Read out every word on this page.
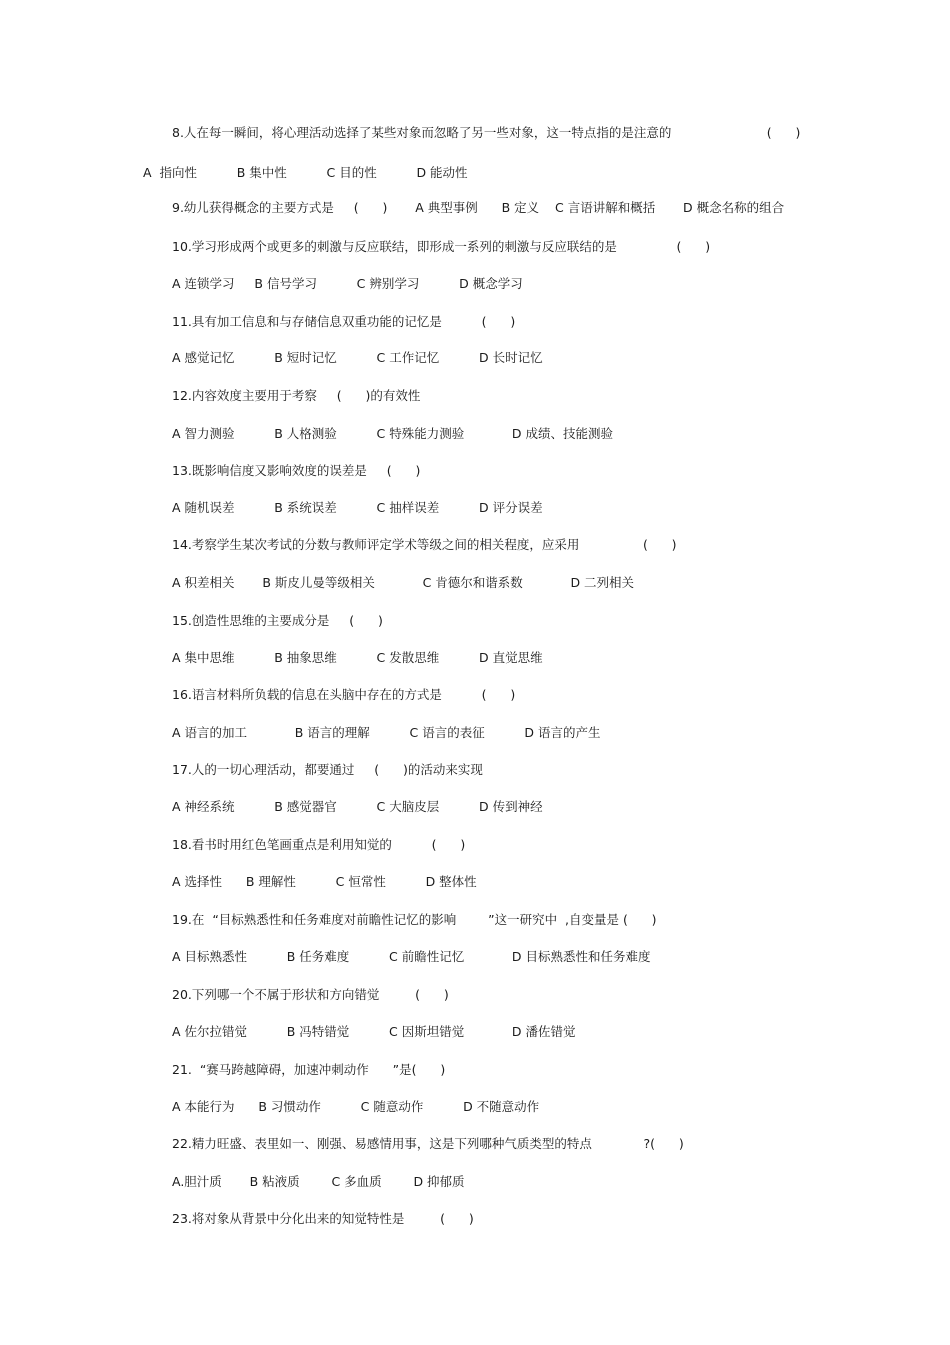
8.人在每一瞬间，将心理活动选择了某些对象而忽略了另一些对象，这一特点指的是注意的                        (      )
A  指向性          B 集中性          C 目的性          D 能动性
9.幼儿获得概念的主要方式是     (      )       A 典型事例      B 定义    C 言语讲解和概括       D 概念名称的组合
10.学习形成两个或更多的刺激与反应联结，即形成一系列的刺激与反应联结的是               (      )
A 连锁学习     B 信号学习          C 辨别学习          D 概念学习
11.具有加工信息和与存储信息双重功能的记忆是          (      )
A 感觉记忆          B 短时记忆          C 工作记忆          D 长时记忆
12.内容效度主要用于考察     (      )的有效性
A 智力测验          B 人格测验          C 特殊能力测验            D 成绩、技能测验
13.既影响信度又影响效度的误差是     (      )
A 随机误差          B 系统误差          C 抽样误差          D 评分误差
14.考察学生某次考试的分数与教师评定学术等级之间的相关程度，应采用                (      )
A 积差相关       B 斯皮儿曼等级相关            C 肯德尔和谐系数            D 二列相关
15.创造性思维的主要成分是     (      )
A 集中思维          B 抽象思维          C 发散思维          D 直觉思维
16.语言材料所负载的信息在头脑中存在的方式是          (      )
A 语言的加工            B 语言的理解          C 语言的表征          D 语言的产生
17.人的一切心理活动，都要通过     (      )的活动来实现
A 神经系统          B 感觉器官          C 大脑皮层          D 传到神经
18.看书时用红色笔画重点是利用知觉的          (      )
A 选择性      B 理解性          C 恒常性          D 整体性
19.在  “目标熟悉性和任务难度对前瞻性记忆的影响        ”这一研究中  ,自变量是 (      )
A 目标熟悉性          B 任务难度          C 前瞻性记忆            D 目标熟悉性和任务难度
20.下列哪一个不属于形状和方向错觉         (      )
A 佐尔拉错觉          B 冯特错觉          C 因斯坦错觉            D 潘佐错觉
21.  “赛马跨越障碍，加速冲刺动作      ”是(      )
A 本能行为      B 习惯动作          C 随意动作          D 不随意动作
22.精力旺盛、表里如一、刚强、易感情用事，这是下列哪种气质类型的特点             ?(      )
A.胆汁质       B 粘液质        C 多血质        D 抑郁质
23.将对象从背景中分化出来的知觉特性是         (      )
